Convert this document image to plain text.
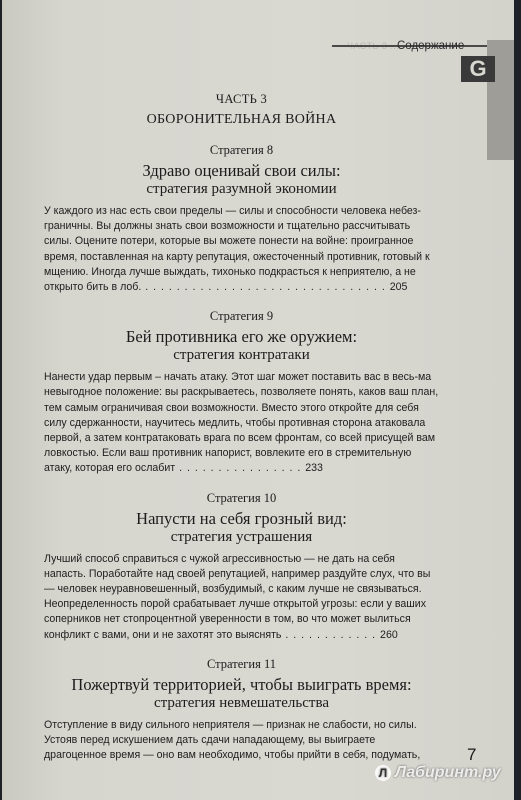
Содержание
G
ЧАСТЬ 3
ОБОРОНИТЕЛЬНАЯ ВОЙНА
Стратегия 8
Здраво оценивай свои силы:
стратегия разумной экономии
У каждого из нас есть свои пределы — силы и способности человека небез-граничны. Вы должны знать свои возможности и тщательно рассчитывать силы. Оцените потери, которые вы можете понести на войне: проигранное время, поставленная на карту репутация, ожесточенный противник, готовый к мщению. Иногда лучше выждать, тихонько подкрасться к неприятелю, а не открыто бить в лоб. . . . . . . . . . . . . . . . . . . . . . . . . . . . . . . . 205
Стратегия 9
Бей противника его же оружием:
стратегия контратаки
Нанести удар первым – начать атаку. Этот шаг может поставить вас в весь-ма невыгодное положение: вы раскрываетесь, позволяете понять, каков ваш план, тем самым ограничивая свои возможности. Вместо этого откройте для себя силу сдержанности, научитесь медлить, чтобы противная сторона атаковала первой, а затем контратаковать врага по всем фронтам, со всей присущей вам ловкостью. Если ваш противник напорист, вовлеките его в стремительную атаку, которая его ослабит . . . . . . . . . . . . . . . . 233
Стратегия 10
Напусти на себя грозный вид:
стратегия устрашения
Лучший способ справиться с чужой агрессивностью — не дать на себя напасть. Поработайте над своей репутацией, например раздуйте слух, что вы — человек неуравновешенный, возбудимый, с каким лучше не связываться. Неопределенность порой срабатывает лучше открытой угрозы: если у ваших соперников нет стопроцентной уверенности в том, во что может вылиться конфликт с вами, они и не захотят это выяснять . . . . . . . . . . . . 260
Стратегия 11
Пожертвуй территорией, чтобы выиграть время:
стратегия невмешательства
Отступление в виду сильного неприятеля — признак не слабости, но силы. Устояв перед искушением дать сдачи нападающему, вы выиграете драгоценное время — оно вам необходимо, чтобы прийти в себя, подумать,	7
Л Лабиринт.ру
